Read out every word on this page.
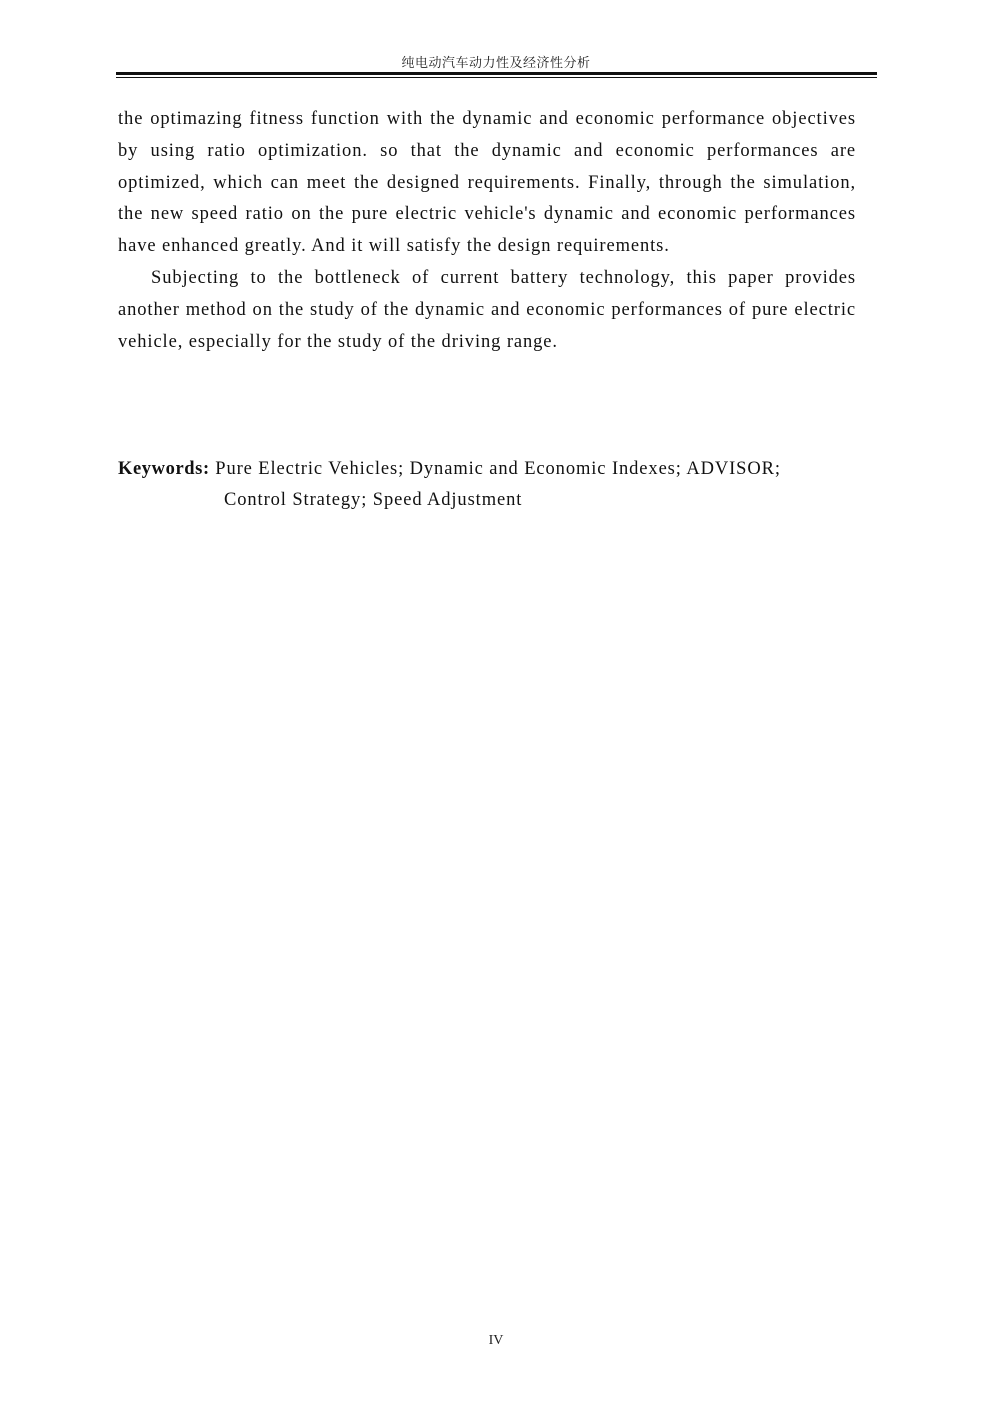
纯电动汽车动力性及经济性分析

the optimazing fitness function with the dynamic and economic performance objectives by using ratio optimization. so that the dynamic and economic performances are optimized, which can meet the designed requirements. Finally, through the simulation, the new speed ratio on the pure electric vehicle's dynamic and economic performances have enhanced greatly. And it will satisfy the design requirements.

Subjecting to the bottleneck of current battery technology, this paper provides another method on the study of the dynamic and economic performances of pure electric vehicle, especially for the study of the driving range.

Keywords: Pure Electric Vehicles; Dynamic and Economic Indexes; ADVISOR;
Control Strategy; Speed Adjustment
IV
